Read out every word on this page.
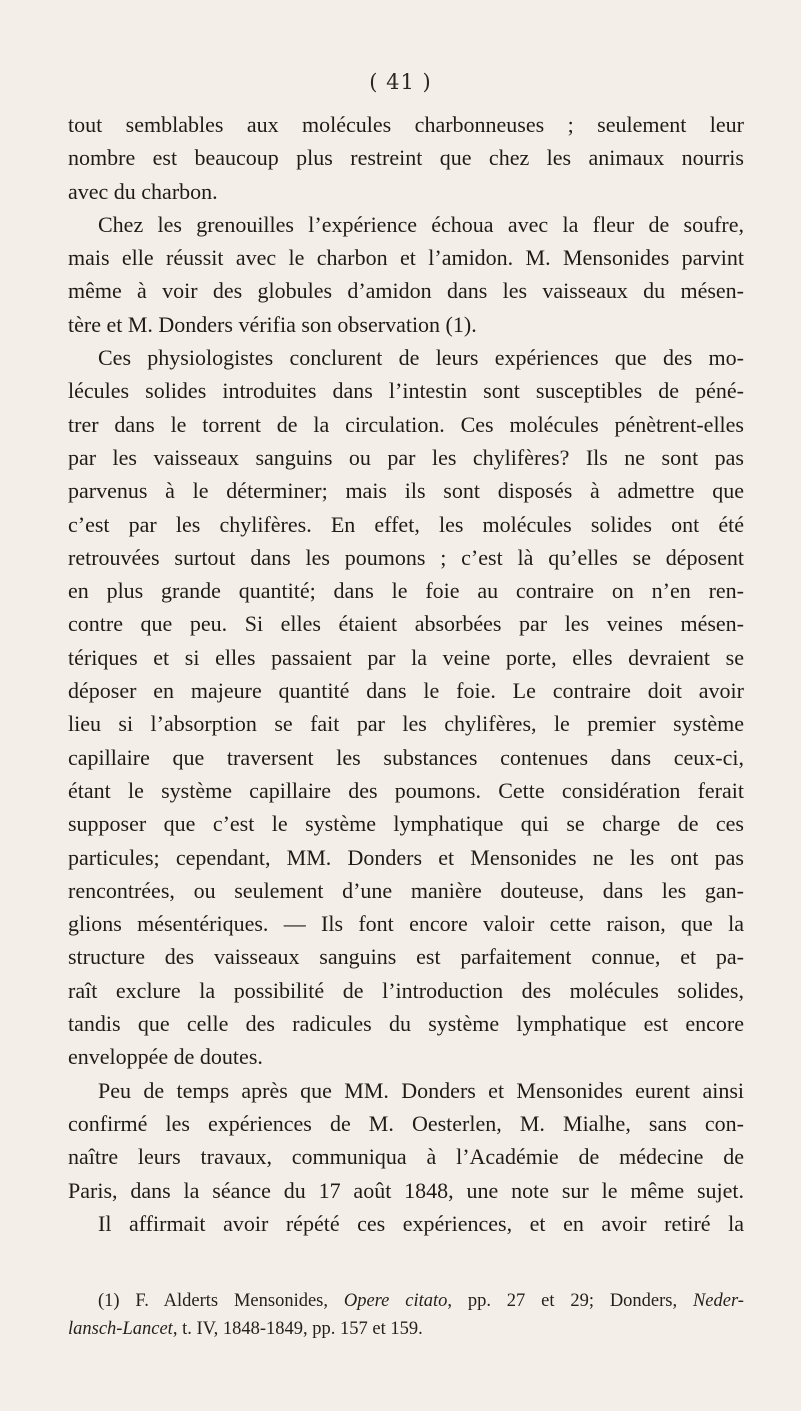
( 41 )
tout semblables aux molécules charbonneuses ; seulement leur
nombre est beaucoup plus restreint que chez les animaux nourris
avec du charbon.
Chez les grenouilles l’expérience échoua avec la fleur de soufre,
mais elle réussit avec le charbon et l’amidon. M. Mensonides parvint
même à voir des globules d’amidon dans les vaisseaux du mésen-
tère et M. Donders vérifia son observation (1).
Ces physiologistes conclurent de leurs expériences que des mo-
lécules solides introduites dans l’intestin sont susceptibles de péné-
trer dans le torrent de la circulation. Ces molécules pénètrent-elles
par les vaisseaux sanguins ou par les chylifères? Ils ne sont pas
parvenus à le déterminer; mais ils sont disposés à admettre que
c’est par les chylifères. En effet, les molécules solides ont été
retrouvées surtout dans les poumons ; c’est là qu’elles se déposent
en plus grande quantité; dans le foie au contraire on n’en ren-
contre que peu. Si elles étaient absorbées par les veines mésen-
tériques et si elles passaient par la veine porte, elles devraient se
déposer en majeure quantité dans le foie. Le contraire doit avoir
lieu si l’absorption se fait par les chylifères, le premier système
capillaire que traversent les substances contenues dans ceux-ci,
étant le système capillaire des poumons. Cette considération ferait
supposer que c’est le système lymphatique qui se charge de ces
particules; cependant, MM. Donders et Mensonides ne les ont pas
rencontrées, ou seulement d’une manière douteuse, dans les gan-
glions mésentériques. — Ils font encore valoir cette raison, que la
structure des vaisseaux sanguins est parfaitement connue, et pa-
raît exclure la possibilité de l’introduction des molécules solides,
tandis que celle des radicules du système lymphatique est encore
enveloppée de doutes.
Peu de temps après que MM. Donders et Mensonides eurent ainsi
confirmé les expériences de M. Oesterlen, M. Mialhe, sans con-
naître leurs travaux, communiqua à l’Académie de médecine de
Paris, dans la séance du 17 août 1848, une note sur le même sujet.
Il affirmait avoir répété ces expériences, et en avoir retiré la
(1) F. Alderts Mensonides, Opere citato, pp. 27 et 29; Donders, Neder-
lansch-Lancet, t. IV, 1848-1849, pp. 157 et 159.
